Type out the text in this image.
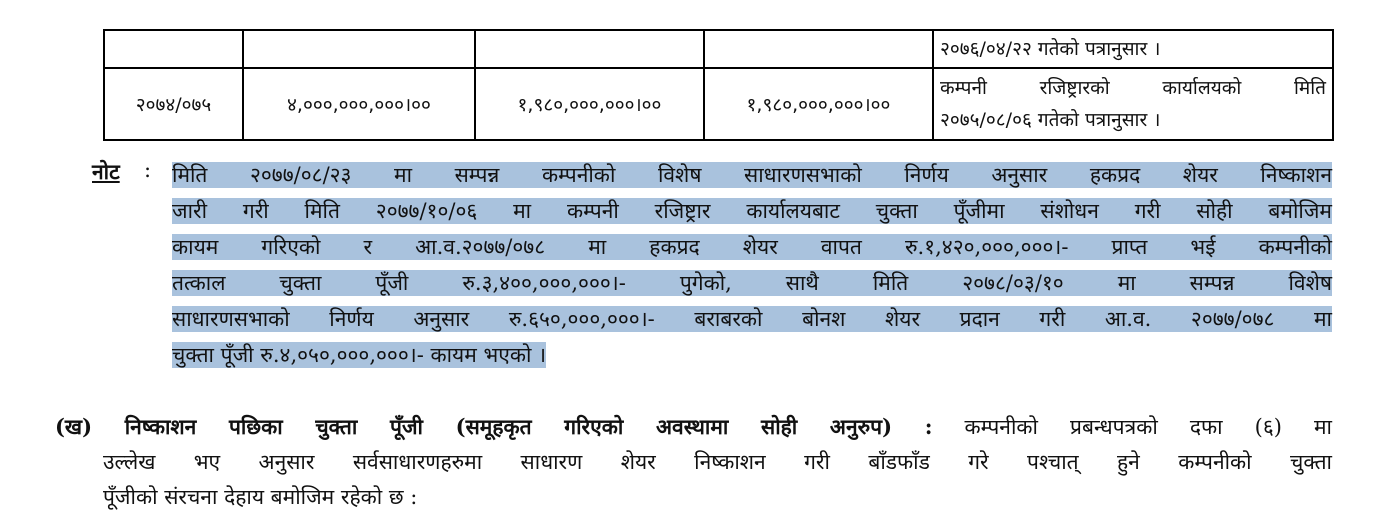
				२०७६/०४/२२ गतेको पत्रानुसार ।

२०७४/०७५	४,०००,०००,०००।००	१,९८०,०००,०००।००	१,९८०,०००,०००।००	कम्पनी रजिष्ट्रारको कार्यालयको मिति
२०७५/०८/०६ गतेको पत्रानुसार ।
नोट : मिति २०७७/०८/२३ मा सम्पन्न कम्पनीको विशेष साधारणसभाको निर्णय अनुसार हकप्रद शेयर निष्काशन
जारी गरी मिति २०७७/१०/०६ मा कम्पनी रजिष्ट्रार कार्यालयबाट चुक्ता पूँजीमा संशोधन गरी सोही बमोजिम
कायम गरिएको र आ.व.२०७७/०७८ मा हकप्रद शेयर वापत रु.१,४२०,०००,०००।- प्राप्त भई कम्पनीको
तत्काल चुक्ता पूँजी रु.३,४००,०००,०००।- पुगेको, साथै मिति २०७८/०३/१० मा सम्पन्न विशेष
साधारणसभाको निर्णय अनुसार रु.६५०,०००,०००।- बराबरको बोनश शेयर प्रदान गरी आ.व. २०७७/०७८ मा
चुक्ता पूँजी रु.४,०५०,०००,०००।- कायम भएको ।
(ख) निष्काशन पछिका चुक्ता पूँजी (समूहकृत गरिएको अवस्थामा सोही अनुरुप) : कम्पनीको प्रबन्धपत्रको दफा (६) मा
उल्लेख भए अनुसार सर्वसाधारणहरुमा साधारण शेयर निष्काशन गरी बाँडफाँड गरे पश्चात् हुने कम्पनीको चुक्ता
पूँजीको संरचना देहाय बमोजिम रहेको छ :
